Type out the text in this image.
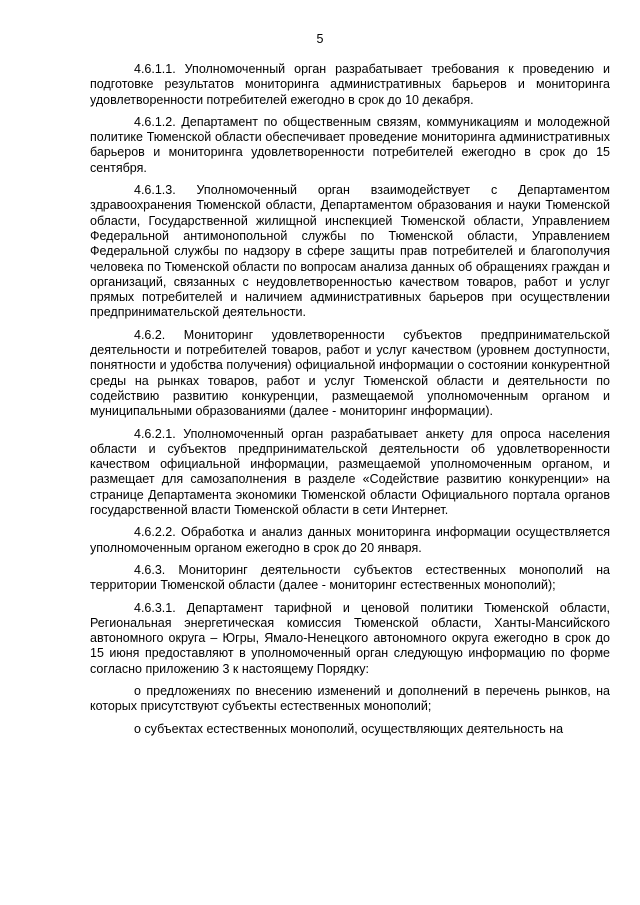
5

4.6.1.1. Уполномоченный орган разрабатывает требования к проведению и подготовке результатов мониторинга административных барьеров и мониторинга удовлетворенности потребителей ежегодно в срок до 10 декабря.

4.6.1.2. Департамент по общественным связям, коммуникациям и молодежной политике Тюменской области обеспечивает проведение мониторинга административных барьеров и мониторинга удовлетворенности потребителей ежегодно в срок до 15 сентября.

4.6.1.3. Уполномоченный орган взаимодействует с Департаментом здравоохранения Тюменской области, Департаментом образования и науки Тюменской области, Государственной жилищной инспекцией Тюменской области, Управлением Федеральной антимонопольной службы по Тюменской области, Управлением Федеральной службы по надзору в сфере защиты прав потребителей и благополучия человека по Тюменской области по вопросам анализа данных об обращениях граждан и организаций, связанных с неудовлетворенностью качеством товаров, работ и услуг прямых потребителей и наличием административных барьеров при осуществлении предпринимательской деятельности.

4.6.2. Мониторинг удовлетворенности субъектов предпринимательской деятельности и потребителей товаров, работ и услуг качеством (уровнем доступности, понятности и удобства получения) официальной информации о состоянии конкурентной среды на рынках товаров, работ и услуг Тюменской области и деятельности по содействию развитию конкуренции, размещаемой уполномоченным органом и муниципальными образованиями (далее - мониторинг информации).

4.6.2.1. Уполномоченный орган разрабатывает анкету для опроса населения области и субъектов предпринимательской деятельности об удовлетворенности качеством официальной информации, размещаемой уполномоченным органом, и размещает для самозаполнения в разделе «Содействие развитию конкуренции» на странице Департамента экономики Тюменской области Официального портала органов государственной власти Тюменской области в сети Интернет.

4.6.2.2. Обработка и анализ данных мониторинга информации осуществляется уполномоченным органом ежегодно в срок до 20 января.

4.6.3. Мониторинг деятельности субъектов естественных монополий на территории Тюменской области (далее - мониторинг естественных монополий);

4.6.3.1. Департамент тарифной и ценовой политики Тюменской области, Региональная энергетическая комиссия Тюменской области, Ханты-Мансийского автономного округа – Югры, Ямало-Ненецкого автономного округа ежегодно в срок до 15 июня предоставляют в уполномоченный орган следующую информацию по форме согласно приложению 3 к настоящему Порядку:

о предложениях по внесению изменений и дополнений в перечень рынков, на которых присутствуют субъекты естественных монополий;

о субъектах естественных монополий, осуществляющих деятельность на
